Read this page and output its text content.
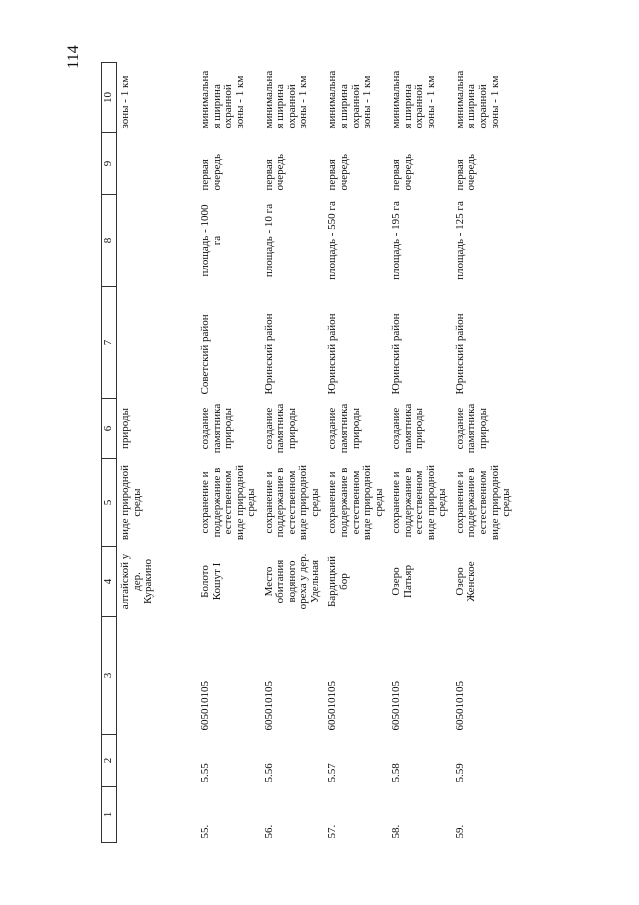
114
1	2	3	4	5	6	7	8	9	10
			алтайской у дер. Куракино	виде природной среды	природы				зоны - 1 км
55.	5.55	605010105	Болото Кошут I	сохранение и поддержание в естественном виде природной среды	создание памятника природы	Советский район	площадь - 1000 га	первая очередь	минимальная ширина охранной зоны - 1 км
56.	5.56	605010105	Место обитания водяного ореха у дер. Удельная	сохранение и поддержание в естественном виде природной среды	создание памятника природы	Юринский район	площадь - 10 га	первая очередь	минимальная ширина охранной зоны - 1 км
57.	5.57	605010105	Бардицкий бор	сохранение и поддержание в естественном виде природной среды	создание памятника природы	Юринский район	площадь - 550 га	первая очередь	минимальная ширина охранной зоны - 1 км
58.	5.58	605010105	Озеро Патьяр	сохранение и поддержание в естественном виде природной среды	создание памятника природы	Юринский район	площадь - 195 га	первая очередь	минимальная ширина охранной зоны - 1 км
59.	5.59	605010105	Озеро Женское	сохранение и поддержание в естественном виде природной среды	создание памятника природы	Юринский район	площадь - 125 га	первая очередь	минимальная ширина охранной зоны - 1 км
